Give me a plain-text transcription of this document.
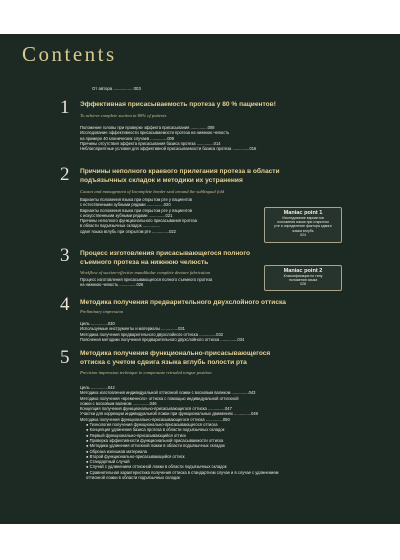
Contents
От автора ................ 003
1 Эффективная присасываемость протеза у 80 % пациентов!
To achieve complete suction in 80% of patients
Положение головы при проверке эффекта присасывания ...............008
Исследование эффективности присасываемости протеза на нижнюю челюсть
на примере 40 клинических случаев ...............009
Причины отсутствия эффекта присасывания базиса протеза ...............014
Неблагоприятные условия для эффективной присасываемости базиса протеза ...............016
2 Причины неполного краевого прилегания протеза в области
подъязычных складок и методики их устранения
Causes and management of Incomplete border seal around the sublingual fold
Варианты положения языка при открытом рте у пациентов
с естественными зубными рядами ...............020
Варианты положения языка при открытом рте у пациентов
с искусственными зубными рядами ...............021
Причины неполного функционального присасывания протеза
в области подъязычных складок ...............
сдвиг языка вглубь при открытом рте ...............022
Maniac point 1
Исследование вариантов
положения языка при открытом
рте и определение фактора сдвига
языка вглубь
024
3 Процесс изготовления присасывающегося полного
съемного протеза на нижнюю челюсть
Workflow of suction-effective mandibular complete denture fabrication
Процесс изготовления присасывающегося полного съемного протеза
на нижнюю челюсть ...............026
Maniac point 2
Классификация по типу
положения языка
028
4 Методика получения предварительного двухслойного оттиска
Preliminary impression
Цель ...............030
Используемые инструменты и материалы ...............031
Методика получения предварительного двухслойного оттиска ...............032
Пояснения методики получения предварительного двухслойного оттиска ...............034
5 Методика получения функционально-присасывающегося
оттиска с учетом сдвига языка вглубь полости рта
Precision impression technique to compensate retruded tongue position
Цель ...............042
Методика изготовления индивидуальной оттискной ложки с восковым валиком ...............043
Методика получения «временного» оттиска с помощью индивидуальной оттискной
ложки с восковым валиком ...............046
Концепция получения функционально-присасывающегося оттиска ...............047
Участки для коррекции индивидуальной ложки при функциональных движениях ...............049
Методика получения функционально-присасывающегося оттиска ...............050
● Технология получения функционально-присасывающегося оттиска
● Концепция удлинения базиса протеза в области подъязычных складок
● Первый функционально-присасывающийся оттиск
● Проверка эффективности функциональной присасываемости оттиска
● Методика удлинения оттискной ложки в области подъязычных складок
● Обрезка излишков материала
● Второй функционально-присасывающийся оттиск
● Стандартный случай
● Случай с удлинением оттискной ложки в области подъязычных складок
● Сравнительная характеристика получения оттиска в стандартном случае и в случае с удлинением
оттискной ложки в области подъязычных складок
